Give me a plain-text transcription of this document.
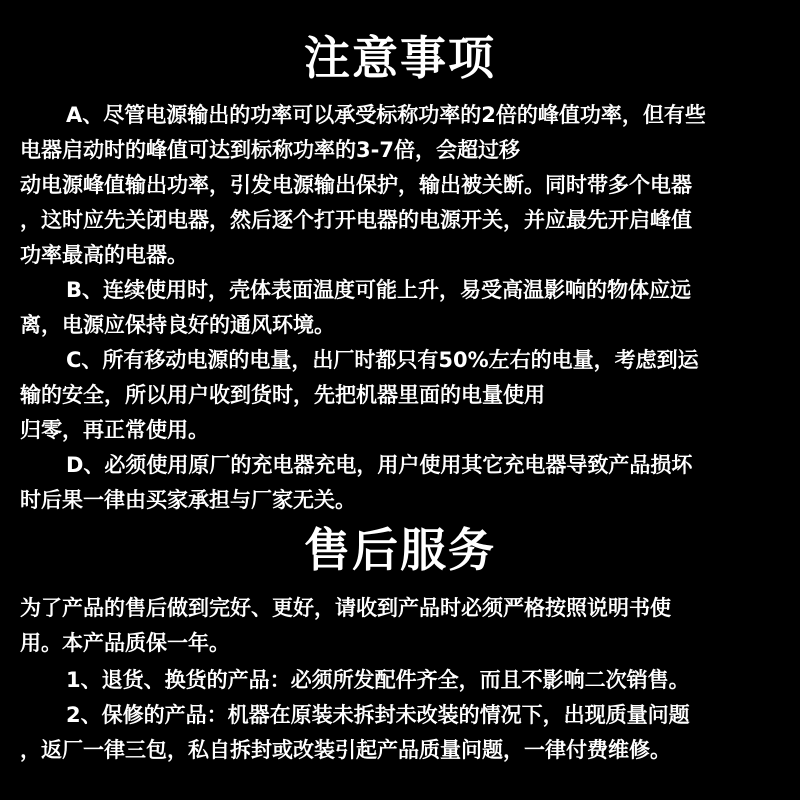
注意事项

A、尽管电源输出的功率可以承受标称功率的2倍的峰值功率，但有些

电器启动时的峰值可达到标称功率的3-7倍，会超过移

动电源峰值输出功率，引发电源输出保护，输出被关断。同时带多个电器

，这时应先关闭电器，然后逐个打开电器的电源开关，并应最先开启峰值

功率最高的电器。

B、连续使用时，壳体表面温度可能上升，易受高温影响的物体应远

离，电源应保持良好的通风环境。

C、所有移动电源的电量，出厂时都只有50%左右的电量，考虑到运

输的安全，所以用户收到货时，先把机器里面的电量使用

归零，再正常使用。

D、必须使用原厂的充电器充电，用户使用其它充电器导致产品损坏

时后果一律由买家承担与厂家无关。

售后服务

为了产品的售后做到完好、更好，请收到产品时必须严格按照说明书使

用。本产品质保一年。

1、退货、换货的产品：必须所发配件齐全，而且不影响二次销售。

2、保修的产品：机器在原装未拆封未改装的情况下，出现质量问题

，返厂一律三包，私自拆封或改装引起产品质量问题，一律付费维修。
